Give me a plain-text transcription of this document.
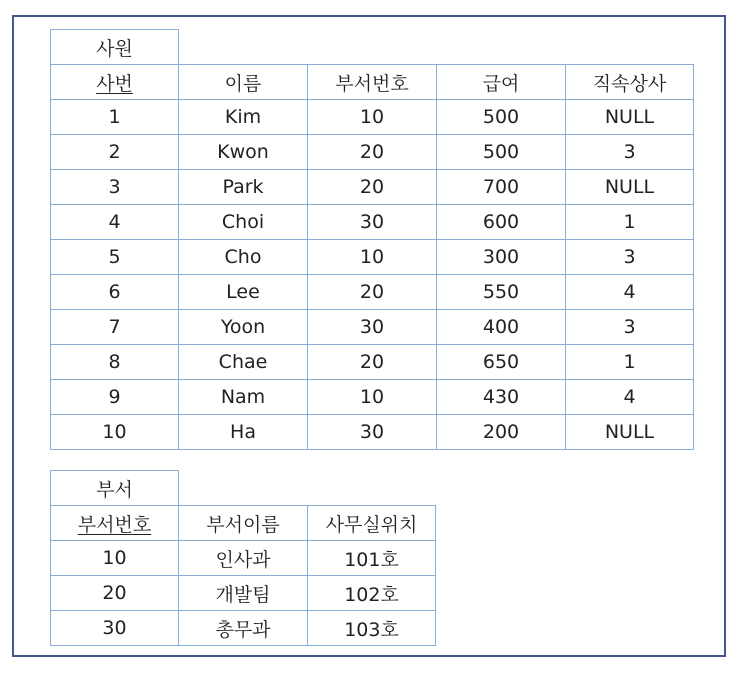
사원				
사번	이름	부서번호	급여	직속상사
1	Kim	10	500	NULL
2	Kwon	20	500	3
3	Park	20	700	NULL
4	Choi	30	600	1
5	Cho	10	300	3
6	Lee	20	550	4
7	Yoon	30	400	3
8	Chae	20	650	1
9	Nam	10	430	4
10	Ha	30	200	NULL
부서		
부서번호	부서이름	사무실위치
10	인사과	101호
20	개발팀	102호
30	총무과	103호
